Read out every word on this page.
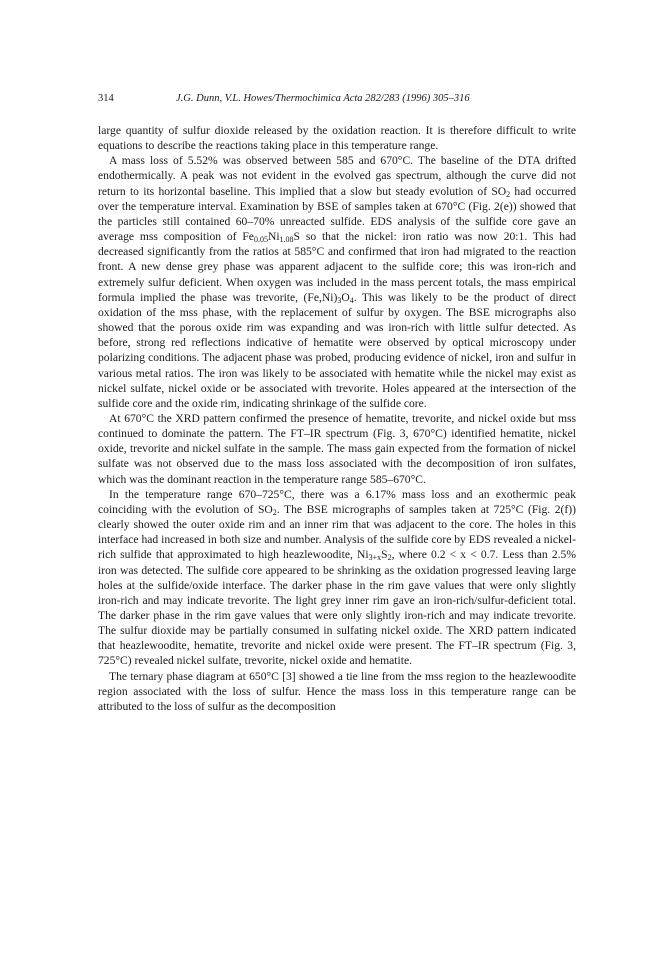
314	J.G. Dunn, V.L. Howes/Thermochimica Acta 282/283 (1996) 305–316

large quantity of sulfur dioxide released by the oxidation reaction. It is therefore difficult to write equations to describe the reactions taking place in this temperature range.

A mass loss of 5.52% was observed between 585 and 670°C. The baseline of the DTA drifted endothermically. A peak was not evident in the evolved gas spectrum, although the curve did not return to its horizontal baseline. This implied that a slow but steady evolution of $SO_2$ had occurred over the temperature interval. Examination by BSE of samples taken at 670°C (Fig. 2(e)) showed that the particles still contained 60–70% unreacted sulfide. EDS analysis of the sulfide core gave an average mss composition of $Fe_{0.05}Ni_{1.08}S$ so that the nickel: iron ratio was now 20:1. This had decreased significantly from the ratios at 585°C and confirmed that iron had migrated to the reaction front. A new dense grey phase was apparent adjacent to the sulfide core; this was iron-rich and extremely sulfur deficient. When oxygen was included in the mass percent totals, the mass empirical formula implied the phase was trevorite, $(Fe,Ni)_3O_4$. This was likely to be the product of direct oxidation of the mss phase, with the replacement of sulfur by oxygen. The BSE micrographs also showed that the porous oxide rim was expanding and was iron-rich with little sulfur detected. As before, strong red reflections indicative of hematite were observed by optical microscopy under polarizing conditions. The adjacent phase was probed, producing evidence of nickel, iron and sulfur in various metal ratios. The iron was likely to be associated with hematite while the nickel may exist as nickel sulfate, nickel oxide or be associated with trevorite. Holes appeared at the intersection of the sulfide core and the oxide rim, indicating shrinkage of the sulfide core.

At 670°C the XRD pattern confirmed the presence of hematite, trevorite, and nickel oxide but mss continued to dominate the pattern. The FT–IR spectrum (Fig. 3, 670°C) identified hematite, nickel oxide, trevorite and nickel sulfate in the sample. The mass gain expected from the formation of nickel sulfate was not observed due to the mass loss associated with the decomposition of iron sulfates, which was the dominant reaction in the temperature range 585–670°C.

In the temperature range 670–725°C, there was a 6.17% mass loss and an exothermic peak coinciding with the evolution of $SO_2$. The BSE micrographs of samples taken at 725°C (Fig. 2(f)) clearly showed the outer oxide rim and an inner rim that was adjacent to the core. The holes in this interface had increased in both size and number. Analysis of the sulfide core by EDS revealed a nickel-rich sulfide that approximated to high heazlewoodite, $Ni_{3+x}S_2$, where 0.2 < x < 0.7. Less than 2.5% iron was detected. The sulfide core appeared to be shrinking as the oxidation progressed leaving large holes at the sulfide/oxide interface. The darker phase in the rim gave values that were only slightly iron-rich and may indicate trevorite. The light grey inner rim gave an iron-rich/sulfur-deficient total. The darker phase in the rim gave values that were only slightly iron-rich and may indicate trevorite. The sulfur dioxide may be partially consumed in sulfating nickel oxide. The XRD pattern indicated that heazlewoodite, hematite, trevorite and nickel oxide were present. The FT–IR spectrum (Fig. 3, 725°C) revealed nickel sulfate, trevorite, nickel oxide and hematite.

The ternary phase diagram at 650°C [3] showed a tie line from the mss region to the heazlewoodite region associated with the loss of sulfur. Hence the mass loss in this temperature range can be attributed to the loss of sulfur as the decomposition
